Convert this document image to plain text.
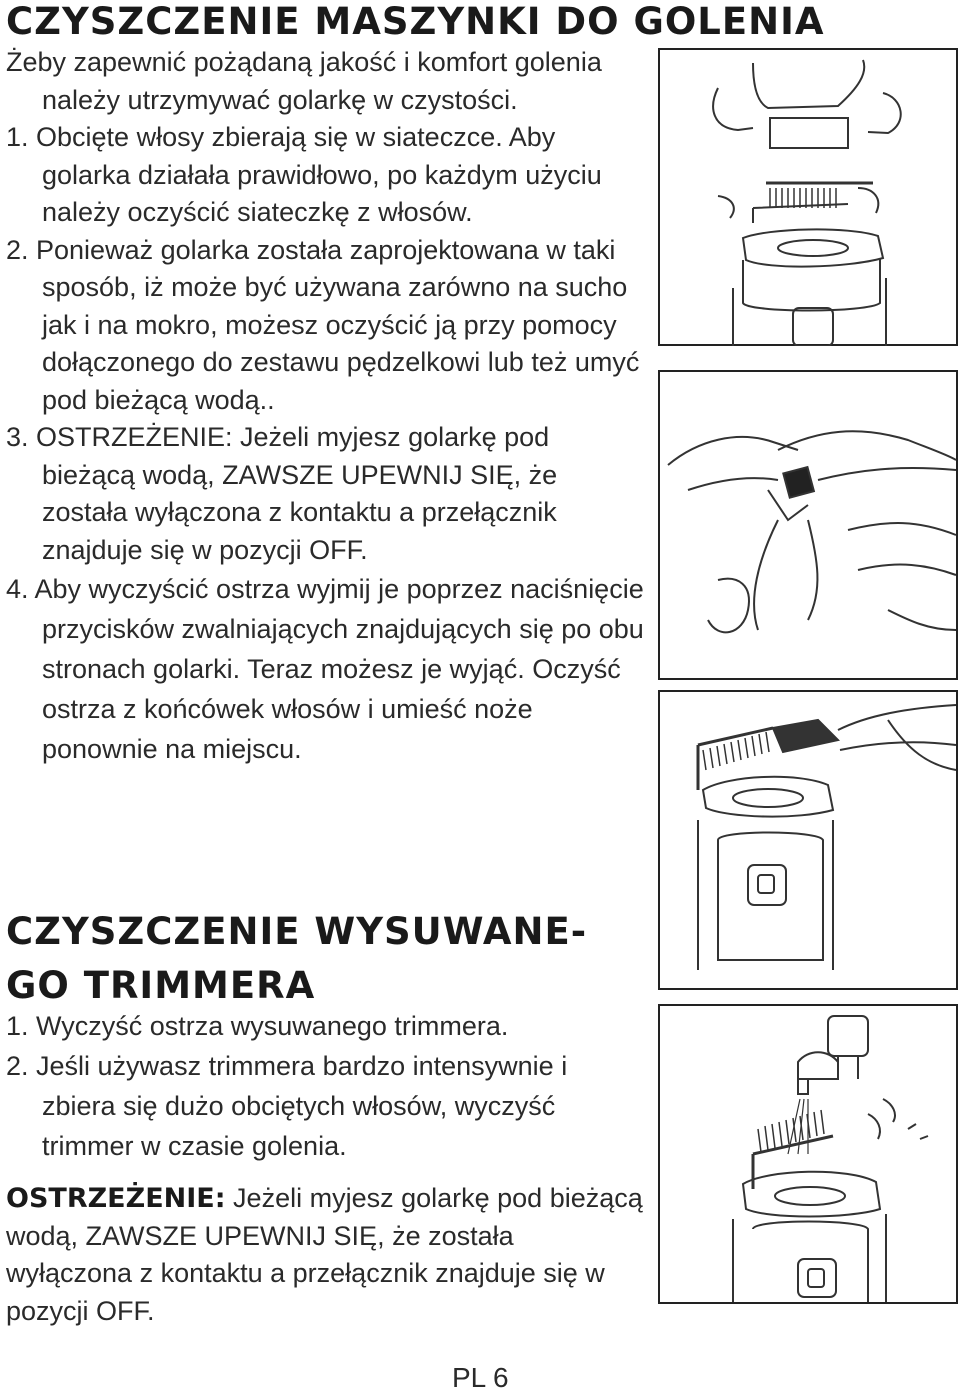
CZYSZCZENIE MASZYNKI DO GOLENIA

Żeby zapewnić pożądaną jakość i komfort golenia należy utrzymywać golarkę w czystości.

1. Obcięte włosy zbierają się w siateczce. Aby golarka działała prawidłowo, po każdym użyciu należy oczyścić siateczkę z włosów.

2. Ponieważ golarka została zaprojektowana w taki sposób, iż może być używana zarówno na sucho jak i na mokro, możesz oczyścić ją przy pomocy dołączonego do zestawu pędzelkowi lub też umyć pod bieżącą wodą..

3. OSTRZEŻENIE: Jeżeli myjesz golarkę pod bieżącą wodą, ZAWSZE UPEWNIJ SIĘ, że została wyłączona z kontaktu a przełącznik znajduje się w pozycji OFF.

4. Aby wyczyścić ostrza wyjmij je poprzez naciśnięcie przycisków zwalniających znajdujących się po obu stronach golarki. Teraz możesz je wyjąć. Oczyść ostrza z końcówek włosów i umieść noże ponownie na miejscu.

CZYSZCZENIE WYSUWANE- GO TRIMMERA

1. Wyczyść ostrza wysuwanego trimmera.

2. Jeśli używasz trimmera bardzo intensywnie i zbiera się dużo obciętych włosów, wyczyść trimmer w czasie golenia.

OSTRZEŻENIE: Jeżeli myjesz golarkę pod bieżącą wodą, ZAWSZE UPEWNIJ SIĘ, że została wyłączona z kontaktu a przełącznik znajduje się w pozycji OFF.

PL 6
